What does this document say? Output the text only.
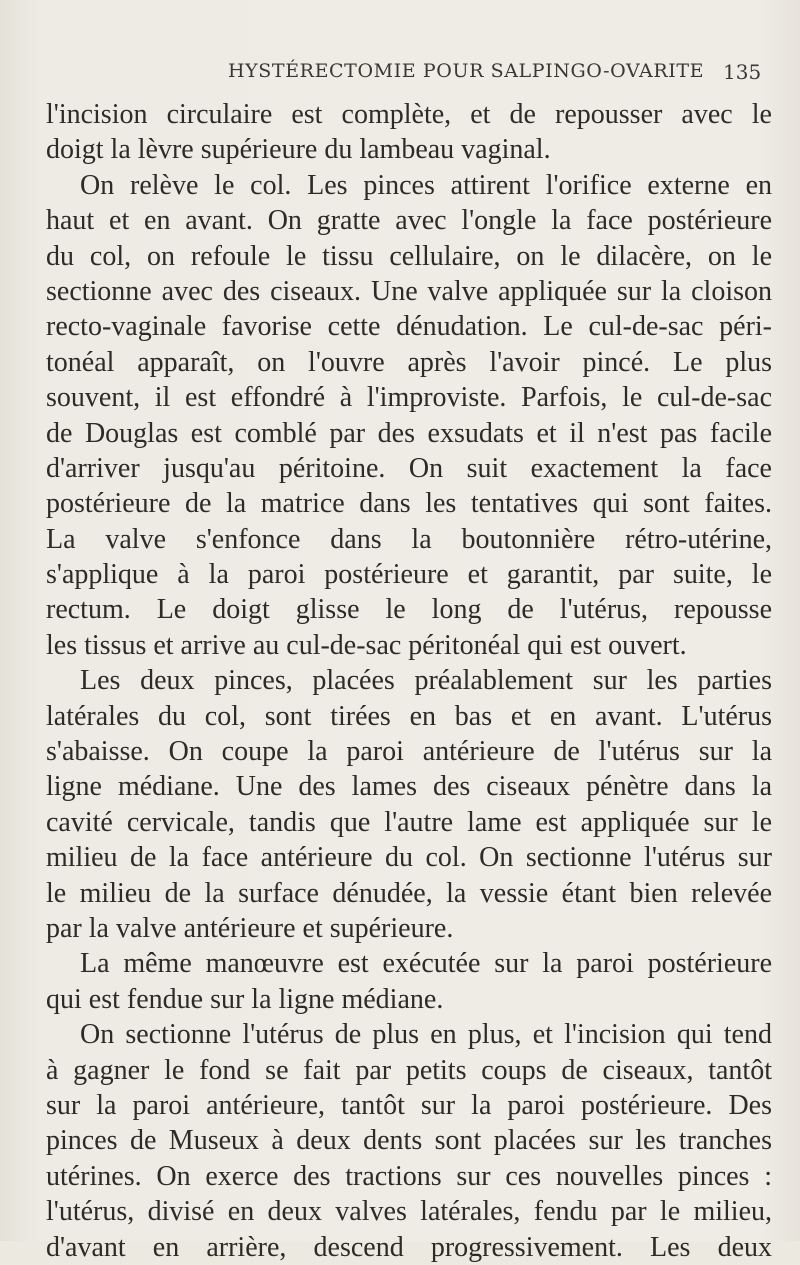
HYSTÉRECTOMIE POUR SALPINGO-OVARITE 135
l'incision circulaire est complète, et de repousser avec le
doigt la lèvre supérieure du lambeau vaginal.
On relève le col. Les pinces attirent l'orifice externe en
haut et en avant. On gratte avec l'ongle la face postérieure
du col, on refoule le tissu cellulaire, on le dilacère, on le
sectionne avec des ciseaux. Une valve appliquée sur la cloison
recto-vaginale favorise cette dénudation. Le cul-de-sac péri-
tonéal apparaît, on l'ouvre après l'avoir pincé. Le plus
souvent, il est effondré à l'improviste. Parfois, le cul-de-sac
de Douglas est comblé par des exsudats et il n'est pas facile
d'arriver jusqu'au péritoine. On suit exactement la face
postérieure de la matrice dans les tentatives qui sont faites.
La valve s'enfonce dans la boutonnière rétro-utérine,
s'applique à la paroi postérieure et garantit, par suite, le
rectum. Le doigt glisse le long de l'utérus, repousse
les tissus et arrive au cul-de-sac péritonéal qui est ouvert.
Les deux pinces, placées préalablement sur les parties
latérales du col, sont tirées en bas et en avant. L'utérus
s'abaisse. On coupe la paroi antérieure de l'utérus sur la
ligne médiane. Une des lames des ciseaux pénètre dans la
cavité cervicale, tandis que l'autre lame est appliquée sur le
milieu de la face antérieure du col. On sectionne l'utérus sur
le milieu de la surface dénudée, la vessie étant bien relevée
par la valve antérieure et supérieure.
La même manœuvre est exécutée sur la paroi postérieure
qui est fendue sur la ligne médiane.
On sectionne l'utérus de plus en plus, et l'incision qui tend
à gagner le fond se fait par petits coups de ciseaux, tantôt
sur la paroi antérieure, tantôt sur la paroi postérieure. Des
pinces de Museux à deux dents sont placées sur les tranches
utérines. On exerce des tractions sur ces nouvelles pinces :
l'utérus, divisé en deux valves latérales, fendu par le milieu,
d'avant en arrière, descend progressivement. Les deux
